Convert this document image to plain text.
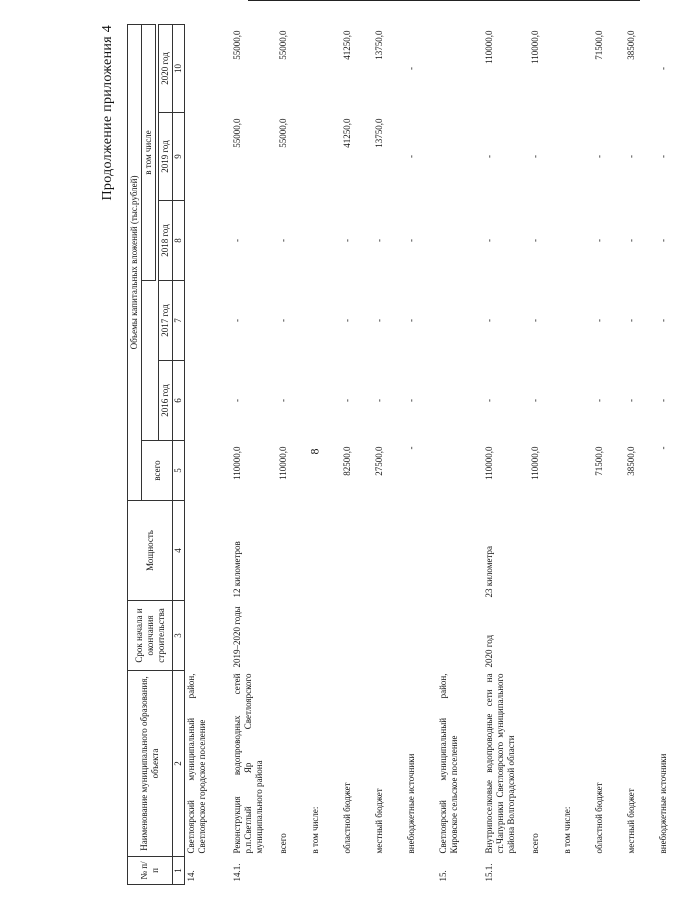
8
Продолжение приложения 4
№ п/п	Наименование муниципального образования, объекта	Срок начала и окончания строительства	Мощность	Объемы капитальных вложений (тыс.рублей)					
				всего			в том числе		

					2016 год	2017 год	2018 год	2019 год	2020 год
1	2	3	4	5	6	7	8	9	10
14.	Светлоярский муниципальный район, Светлоярское городское поселение								
14.1.	Реконструкция водопроводных сетей р.п.Светлый Яр Светлоярского муниципального района	2019–2020 годы	12 километров	110000,0	-	-	-	55000,0	55000,0
	всего			110000,0	-	-	-	55000,0	55000,0
	в том числе:								
	областной бюджет			82500,0	-	-	-	41250,0	41250,0
	местный бюджет			27500,0	-	-	-	13750,0	13750,0
	внебюджетные источники			-	-	-	-	-	-
15.	Светлоярский муниципальный район, Кировское сельское поселение								
15.1.	Внутрипоселковые водопроводные сети на ст.Чапурники Светлоярского муниципального района Волгоградской области	2020 год	23 километра	110000,0	-	-	-	-	110000,0
	всего			110000,0	-	-	-	-	110000,0
	в том числе:								
	областной бюджет			71500,0	-	-	-	-	71500,0
	местный бюджет			38500,0	-	-	-	-	38500,0
	внебюджетные источники			-	-	-	-	-	-
